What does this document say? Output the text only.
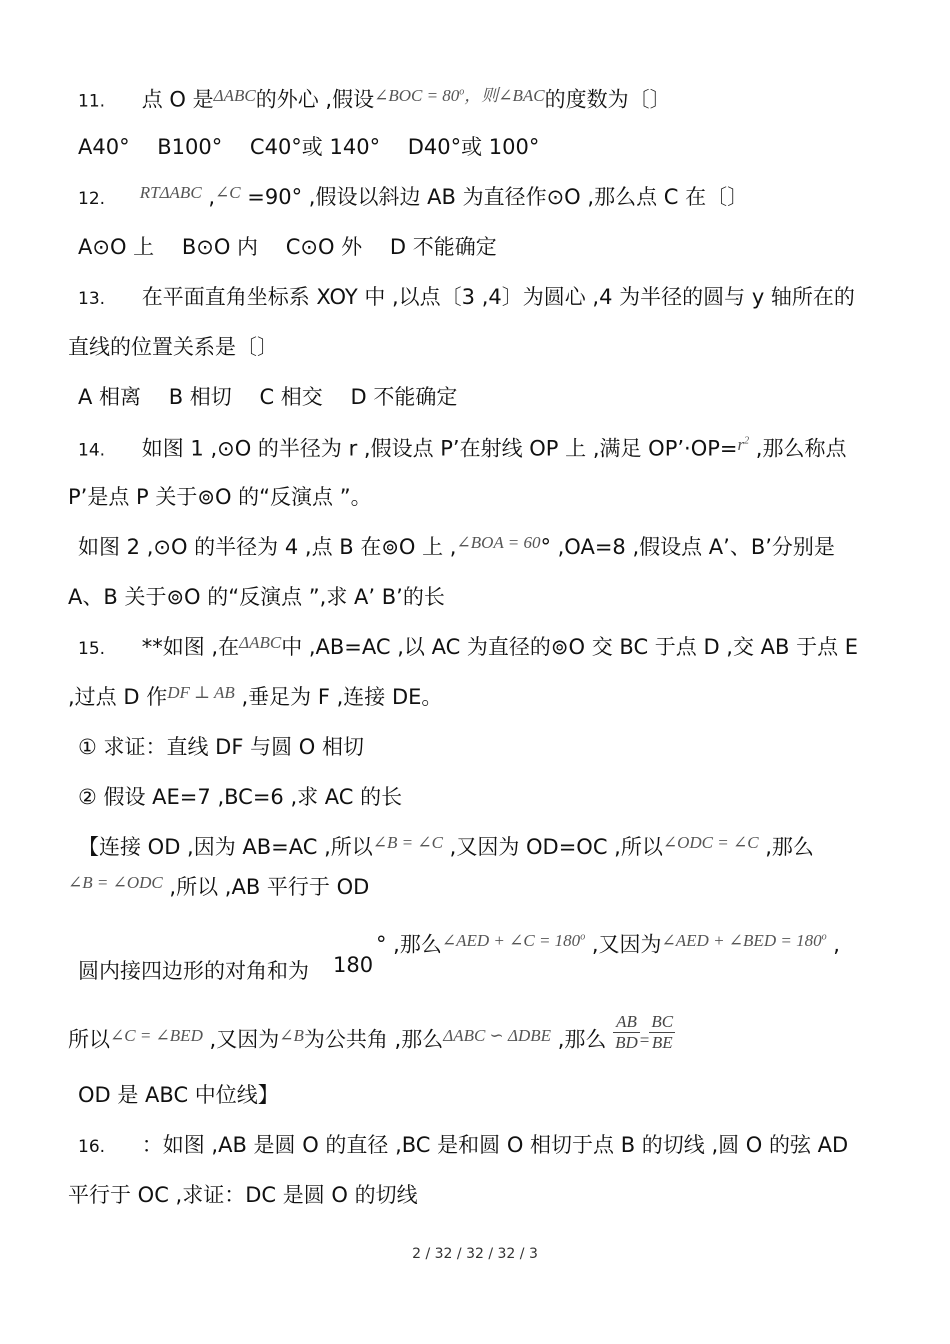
11. 点 O 是$^{\Delta ABC}$的外心 ,假设$^{\angle BOC = 80^o,则\angle BAC}$的度数为〔〕
A40°　 B100°　 C40°或 140°　 D40°或 100°
12. $^{RT\Delta ABC}$ ,$^{\angle C}$ =90° ,假设以斜边 AB 为直径作⊙O ,那么点 C 在〔〕
A⊙O 上　 B⊙O 内　 C⊙O 外　 D 不能确定
13. 在平面直角坐标系 XOY 中 ,以点〔3 ,4〕为圆心 ,4 为半径的圆与 y 轴所在的
直线的位置关系是〔〕
A 相离　 B 相切　 C 相交　 D 不能确定
14. 如图 1 ,⊙O 的半径为 r ,假设点 P’在射线 OP 上 ,满足 OP’·OP=$^{r^2}$ ,那么称点
P’是点 P 关于⊚O 的“反演点 ”。
如图 2 ,⊙O 的半径为 4 ,点 B 在⊚O 上 ,$^{\angle BOA = 60}$° ,OA=8 ,假设点 A’、B’分别是
A、B 关于⊚O 的“反演点 ”,求 A’ B’的长
15. **如图 ,在$^{\Delta ABC}$中 ,AB=AC ,以 AC 为直径的⊚O 交 BC 于点 D ,交 AB 于点 E
,过点 D 作$^{DF \perp AB}$ ,垂足为 F ,连接 DE。
① 求证：直线 DF 与圆 O 相切
② 假设 AE=7 ,BC=6 ,求 AC 的长
【连接 OD ,因为 AB=AC ,所以$^{\angle B = \angle C}$ ,又因为 OD=OC ,所以$^{\angle ODC = \angle C}$ ,那么
$^{\angle B = \angle ODC}$ ,所以 ,AB 平行于 OD
° ,那么$^{\angle AED + \angle C = 180^o}$ ,又因为$^{\angle AED + \angle BED = 180^o}$ ,
圆内接四边形的对角和为 180
所以$^{\angle C = \angle BED}$ ,又因为$^{\angle B}$为公共角 ,那么$^{\Delta ABC ∽ \Delta DBE}$ ,那么 $\frac{AB}{BD} = \frac{BC}{BE}$
OD 是 ABC 中位线】
16. ：如图 ,AB 是圆 O 的直径 ,BC 是和圆 O 相切于点 B 的切线 ,圆 O 的弦 AD
平行于 OC ,求证：DC 是圆 O 的切线
2 / 32 / 32 / 32 / 3
